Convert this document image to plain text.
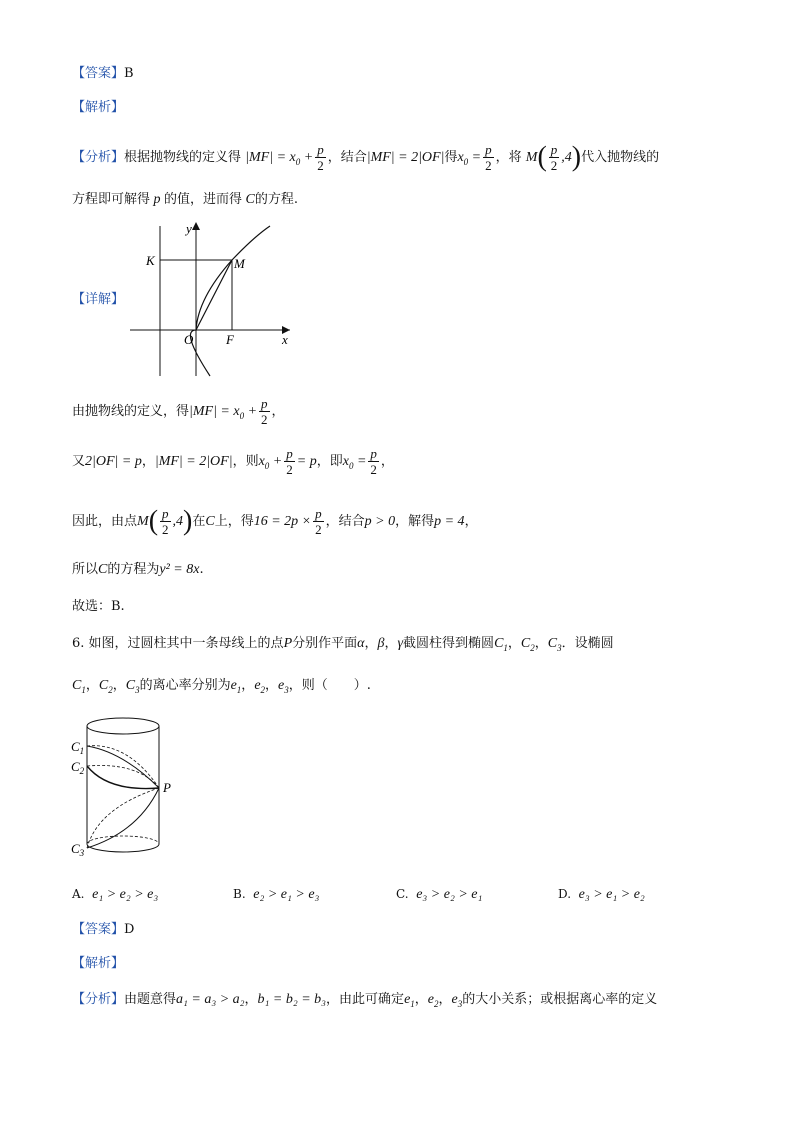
【答案】B
【解析】
【分析】根据抛物线的定义得 $|MF| = x_0 + \frac{p}{2}$ ，结合|MF| = 2|OF|得$x_0 = \frac{p}{2}$ ，将 $M( \frac{p}{2} ,4)$代入抛物线的
方程即可解得 p 的值，进而得 C的方程.
y
x
K	M
O	F
【详解】
由抛物线的定义，得$|MF| = x_0 + \frac{p}{2}$ ，
又2|OF| = p，|MF| = 2|OF|，则$x_0 + \frac{p}{2} = p$，即$x_0 = \frac{p}{2}$ ，
因此，由点$M( \frac{p}{2} ,4)$在C上，得$16 = 2p \times \frac{p}{2}$ ，结合p > 0，解得p = 4，
所以C的方程为y² = 8x.
故选：B.
6. 如图，过圆柱其中一条母线上的点P分别作平面α，β，γ截圆柱得到椭圆$C_1$，$C_2$，$C_3$．设椭圆
$C_1$，$C_2$，$C_3$的离心率分别为$e_1$，$e_2$，$e_3$，则（　　）.
$C_1$
$C_2$
$C_3$
P
A. e₁ > e₂ > e₃	B. e₂ > e₁ > e₃	C. e₃ > e₂ > e₁	D. e₃ > e₁ > e₂
【答案】D
【解析】
【分析】由题意得a₁ = a₃ > a₂，b₁ = b₂ = b₃，由此可确定$e_1$，$e_2$，$e_3$的大小关系；或根据离心率的定义
